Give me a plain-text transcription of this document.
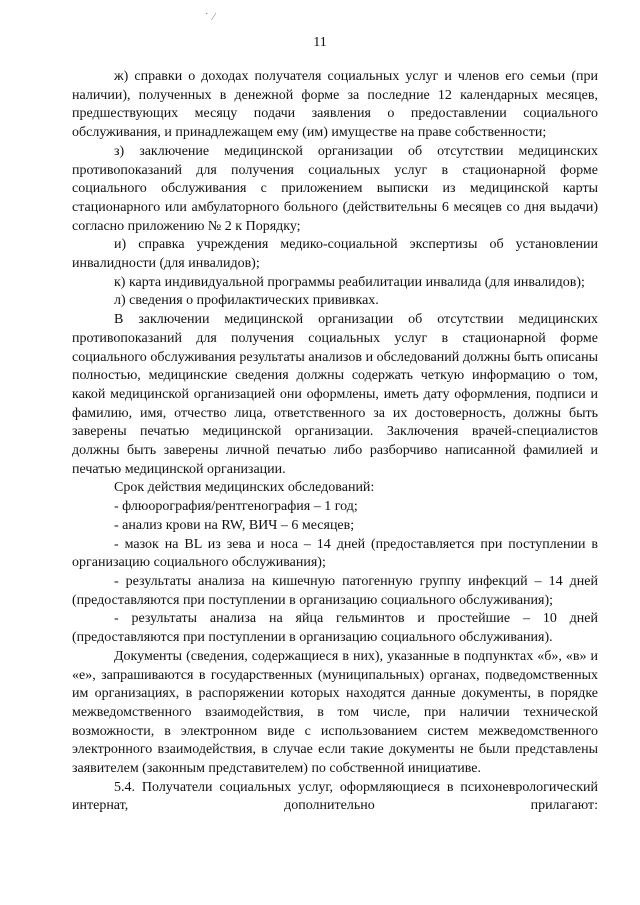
˙ ⁄
11

ж) справки о доходах получателя социальных услуг и членов его семьи (при наличии), полученных в денежной форме за последние 12 календарных месяцев, предшествующих месяцу подачи заявления о предоставлении социального обслуживания, и принадлежащем ему (им) имуществе на праве собственности;

з) заключение медицинской организации об отсутствии медицинских противопоказаний для получения социальных услуг в стационарной форме социального обслуживания с приложением выписки из медицинской карты стационарного или амбулаторного больного (действительны 6 месяцев со дня выдачи) согласно приложению № 2 к Порядку;

и) справка учреждения медико-социальной экспертизы об установлении инвалидности (для инвалидов);

к) карта индивидуальной программы реабилитации инвалида (для инвалидов);

л) сведения о профилактических прививках.

В заключении медицинской организации об отсутствии медицинских противопоказаний для получения социальных услуг в стационарной форме социального обслуживания результаты анализов и обследований должны быть описаны полностью, медицинские сведения должны содержать четкую информацию о том, какой медицинской организацией они оформлены, иметь дату оформления, подписи и фамилию, имя, отчество лица, ответственного за их достоверность, должны быть заверены печатью медицинской организации. Заключения врачей-специалистов должны быть заверены личной печатью либо разборчиво написанной фамилией и печатью медицинской организации.

Срок действия медицинских обследований:

- флюорография/рентгенография – 1 год;

- анализ крови на RW, ВИЧ – 6 месяцев;

- мазок на BL из зева и носа – 14 дней (предоставляется при поступлении в организацию социального обслуживания);

- результаты анализа на кишечную патогенную группу инфекций – 14 дней (предоставляются при поступлении в организацию социального обслуживания);

- результаты анализа на яйца гельминтов и простейшие – 10 дней (предоставляются при поступлении в организацию социального обслуживания).

Документы (сведения, содержащиеся в них), указанные в подпунктах «б», «в» и «е», запрашиваются в государственных (муниципальных) органах, подведомственных им организациях, в распоряжении которых находятся данные документы, в порядке межведомственного взаимодействия, в том числе, при наличии технической возможности, в электронном виде с использованием систем межведомственного электронного взаимодействия, в случае если такие документы не были представлены заявителем (законным представителем) по собственной инициативе.

5.4. Получатели социальных услуг, оформляющиеся в психоневрологический интернат, дополнительно прилагают:
